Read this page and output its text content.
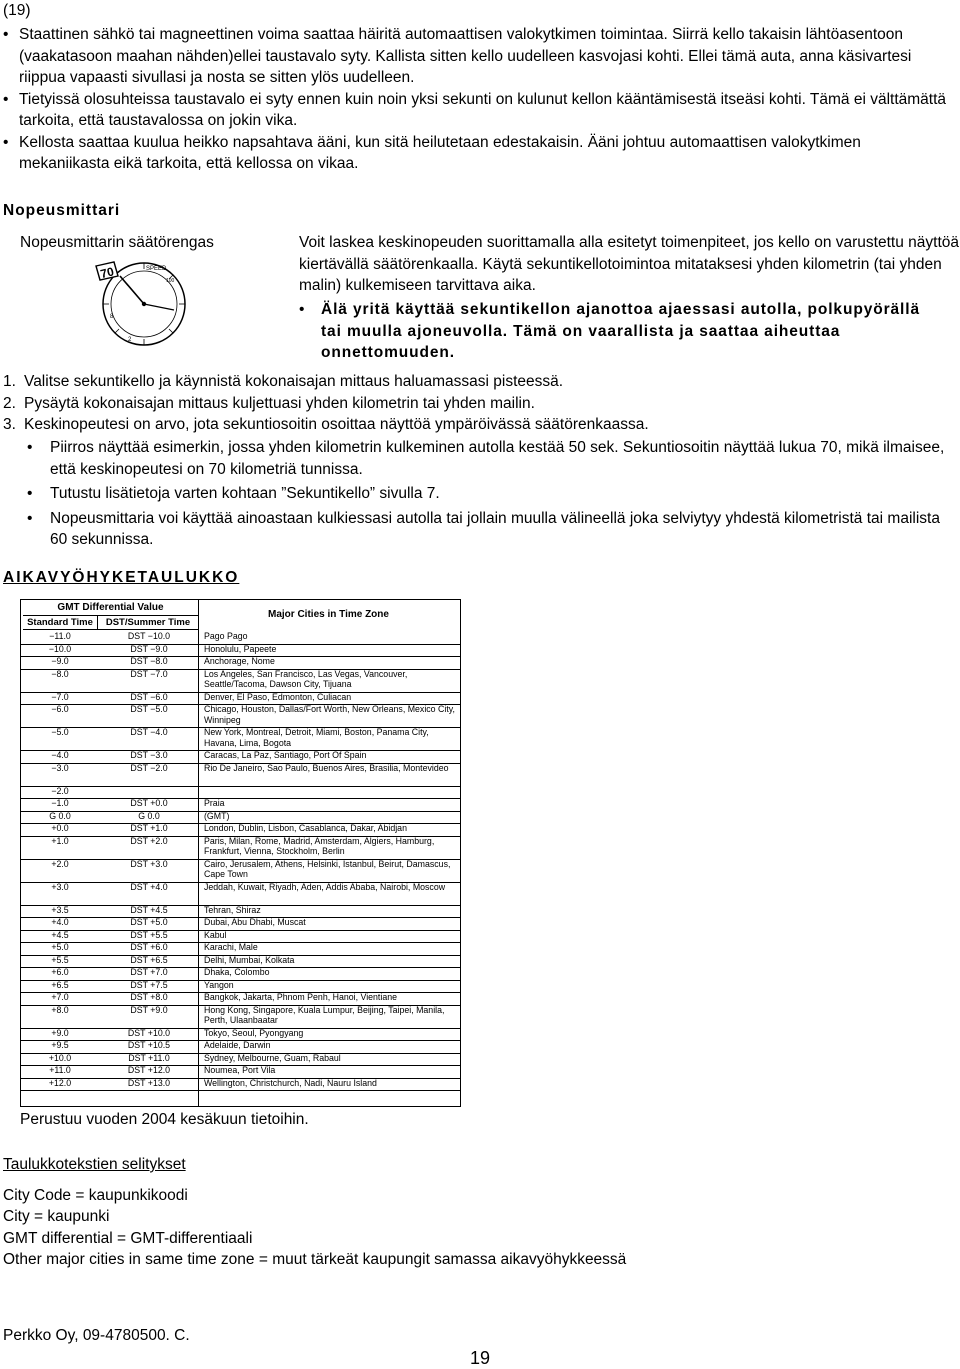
(19)
• Staattinen sähkö tai magneettinen voima saattaa häiritä automaattisen valokytkimen toimintaa. Siirrä kello takaisin lähtöasentoon (vaakatasoon maahan nähden)ellei taustavalo syty. Kallista sitten kello uudelleen kasvojasi kohti. Ellei tämä auta, anna käsivartesi riippua vapaasti sivullasi ja nosta se sitten ylös uudelleen.
• Tietyissä olosuhteissa taustavalo ei syty ennen kuin noin yksi sekunti on kulunut kellon kääntämisestä itseäsi kohti. Tämä ei välttämättä tarkoita, että taustavalossa on jokin vika.
• Kellosta saattaa kuulua heikko napsahtava ääni, kun sitä heilutetaan edestakaisin. Ääni johtuu automaattisen valokytkimen mekaniikasta eikä tarkoita, että kellossa on vikaa.
Nopeusmittari
Nopeusmittarin säätörengas
SPEED
100
8
2
70
Voit laskea keskinopeuden suorittamalla alla esitetyt toimenpiteet, jos kello on varustettu näyttöä kiertävällä säätörenkaalla. Käytä sekuntikellotoimintoa mitataksesi yhden kilometrin (tai yhden malin) kulkemiseen tarvittava aika.
•	Älä yritä käyttää sekuntikellon ajanottoa ajaessasi autolla, polkupyörällä tai muulla ajoneuvolla. Tämä on vaarallista ja saattaa aiheuttaa onnettomuuden.
1. Valitse sekuntikello ja käynnistä kokonaisajan mittaus haluamassasi pisteessä.
2. Pysäytä kokonaisajan mittaus kuljettuasi yhden kilometrin tai yhden mailin.
3. Keskinopeutesi on arvo, jota sekuntiosoitin osoittaa näyttöä ympäröivässä säätörenkaassa.
• Piirros näyttää esimerkin, jossa yhden kilometrin kulkeminen autolla kestää 50 sek. Sekuntiosoitin näyttää lukua 70, mikä ilmaisee, että keskinopeutesi on 70 kilometriä tunnissa.
• Tutustu lisätietoja varten kohtaan ”Sekuntikello” sivulla 7.
• Nopeusmittaria voi käyttää ainoastaan kulkiessasi autolla tai jollain muulla välineellä joka selviytyy yhdestä kilometristä tai mailista 60 sekunnissa.
AIKAVYÖHYKETAULUKKO
GMT Differential Value
Standard Time	DST/Summer Time
Major Cities in Time Zone
−11.0	DST −10.0	Pago Pago
−10.0	DST −9.0	Honolulu, Papeete
−9.0	DST −8.0	Anchorage, Nome
−8.0	DST −7.0	Los Angeles, San Francisco, Las Vegas, Vancouver, Seattle/Tacoma, Dawson City, Tijuana
−7.0	DST −6.0	Denver, El Paso, Edmonton, Culiacan
−6.0	DST −5.0	Chicago, Houston, Dallas/Fort Worth, New Orleans, Mexico City, Winnipeg
−5.0	DST −4.0	New York, Montreal, Detroit, Miami, Boston, Panama City, Havana, Lima, Bogota
−4.0	DST −3.0	Caracas, La Paz, Santiago, Port Of Spain
−3.0	DST −2.0	Rio De Janeiro, Sao Paulo, Buenos Aires, Brasilia, Montevideo
−2.0
−1.0	DST +0.0	Praia
G 0.0	G 0.0	(GMT)
+0.0	DST +1.0	London, Dublin, Lisbon, Casablanca, Dakar, Abidjan
+1.0	DST +2.0	Paris, Milan, Rome, Madrid, Amsterdam, Algiers, Hamburg, Frankfurt, Vienna, Stockholm, Berlin
+2.0	DST +3.0	Cairo, Jerusalem, Athens, Helsinki, Istanbul, Beirut, Damascus, Cape Town
+3.0	DST +4.0	Jeddah, Kuwait, Riyadh, Aden, Addis Ababa, Nairobi, Moscow
+3.5	DST +4.5	Tehran, Shiraz
+4.0	DST +5.0	Dubai, Abu Dhabi, Muscat
+4.5	DST +5.5	Kabul
+5.0	DST +6.0	Karachi, Male
+5.5	DST +6.5	Delhi, Mumbai, Kolkata
+6.0	DST +7.0	Dhaka, Colombo
+6.5	DST +7.5	Yangon
+7.0	DST +8.0	Bangkok, Jakarta, Phnom Penh, Hanoi, Vientiane
+8.0	DST +9.0	Hong Kong, Singapore, Kuala Lumpur, Beijing, Taipei, Manila, Perth, Ulaanbaatar
+9.0	DST +10.0	Tokyo, Seoul, Pyongyang
+9.5	DST +10.5	Adelaide, Darwin
+10.0	DST +11.0	Sydney, Melbourne, Guam, Rabaul
+11.0	DST +12.0	Noumea, Port Vila
+12.0	DST +13.0	Wellington, Christchurch, Nadi, Nauru Island
Perustuu vuoden 2004 kesäkuun tietoihin.
Taulukkotekstien selitykset
City Code = kaupunkikoodi
City = kaupunki
GMT differential = GMT-differentiaali
Other major cities in same time zone = muut tärkeät kaupungit samassa aikavyöhykkeessä
Perkko Oy, 09-4780500. C.
19
